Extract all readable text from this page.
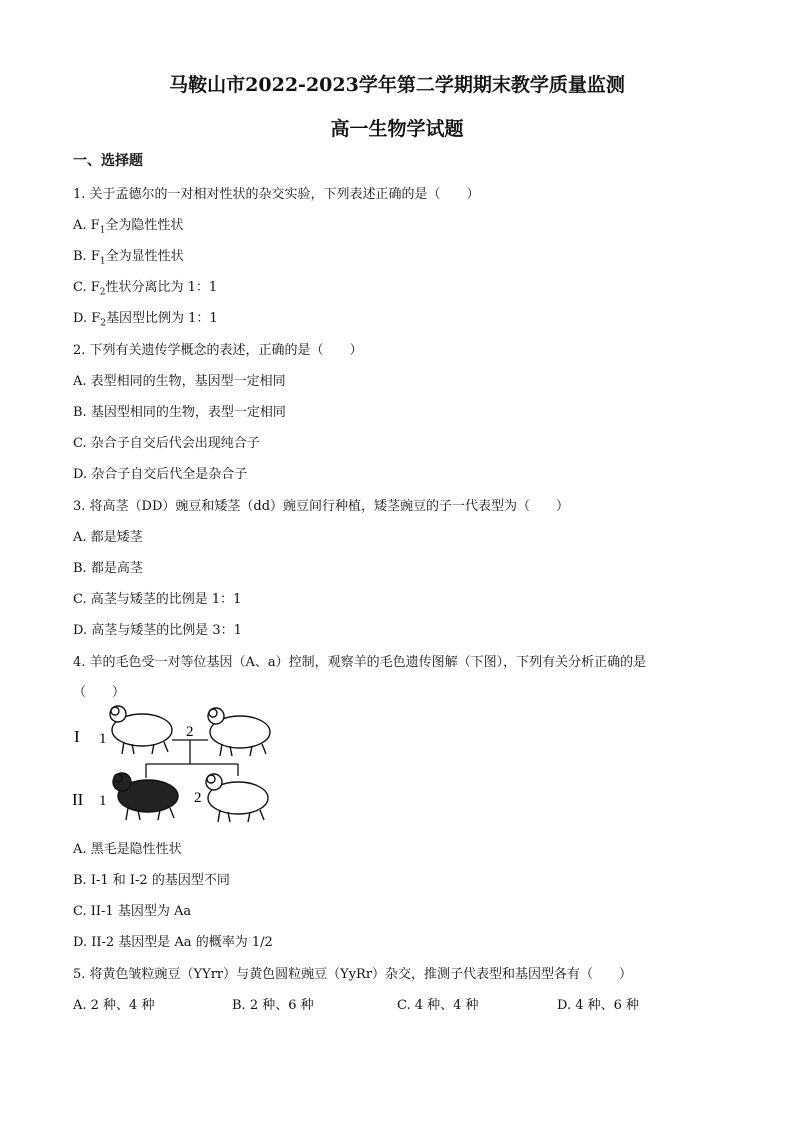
马鞍山市2022-2023学年第二学期期末教学质量监测
高一生物学试题
一、选择题
1. 关于孟德尔的一对相对性状的杂交实验，下列表述正确的是（　　）
A. $F_1$全为隐性性状
B. $F_1$全为显性性状
C. $F_2$性状分离比为 1：1
D. $F_2$基因型比例为 1：1
2. 下列有关遗传学概念的表述，正确的是（　　）
A. 表型相同的生物，基因型一定相同
B. 基因型相同的生物，表型一定相同
C. 杂合子自交后代会出现纯合子
D. 杂合子自交后代全是杂合子
3. 将高茎（DD）豌豆和矮茎（dd）豌豆间行种植，矮茎豌豆的子一代表型为（　　）
A. 都是矮茎
B. 都是高茎
C. 高茎与矮茎的比例是 1：1
D. 高茎与矮茎的比例是 3：1
4. 羊的毛色受一对等位基因（A、a）控制，观察羊的毛色遗传图解（下图），下列有关分析正确的是
（　　）
I
II
1	2
1	2
A. 黑毛是隐性性状
B. I-1 和 I-2 的基因型不同
C. II-1 基因型为 Aa
D. II-2 基因型是 Aa 的概率为 1/2
5. 将黄色皱粒豌豆（YYrr）与黄色圆粒豌豆（YyRr）杂交，推测子代表型和基因型各有（　　）
A. 2 种、4 种	B. 2 种、6 种	C. 4 种、4 种	D. 4 种、6 种
